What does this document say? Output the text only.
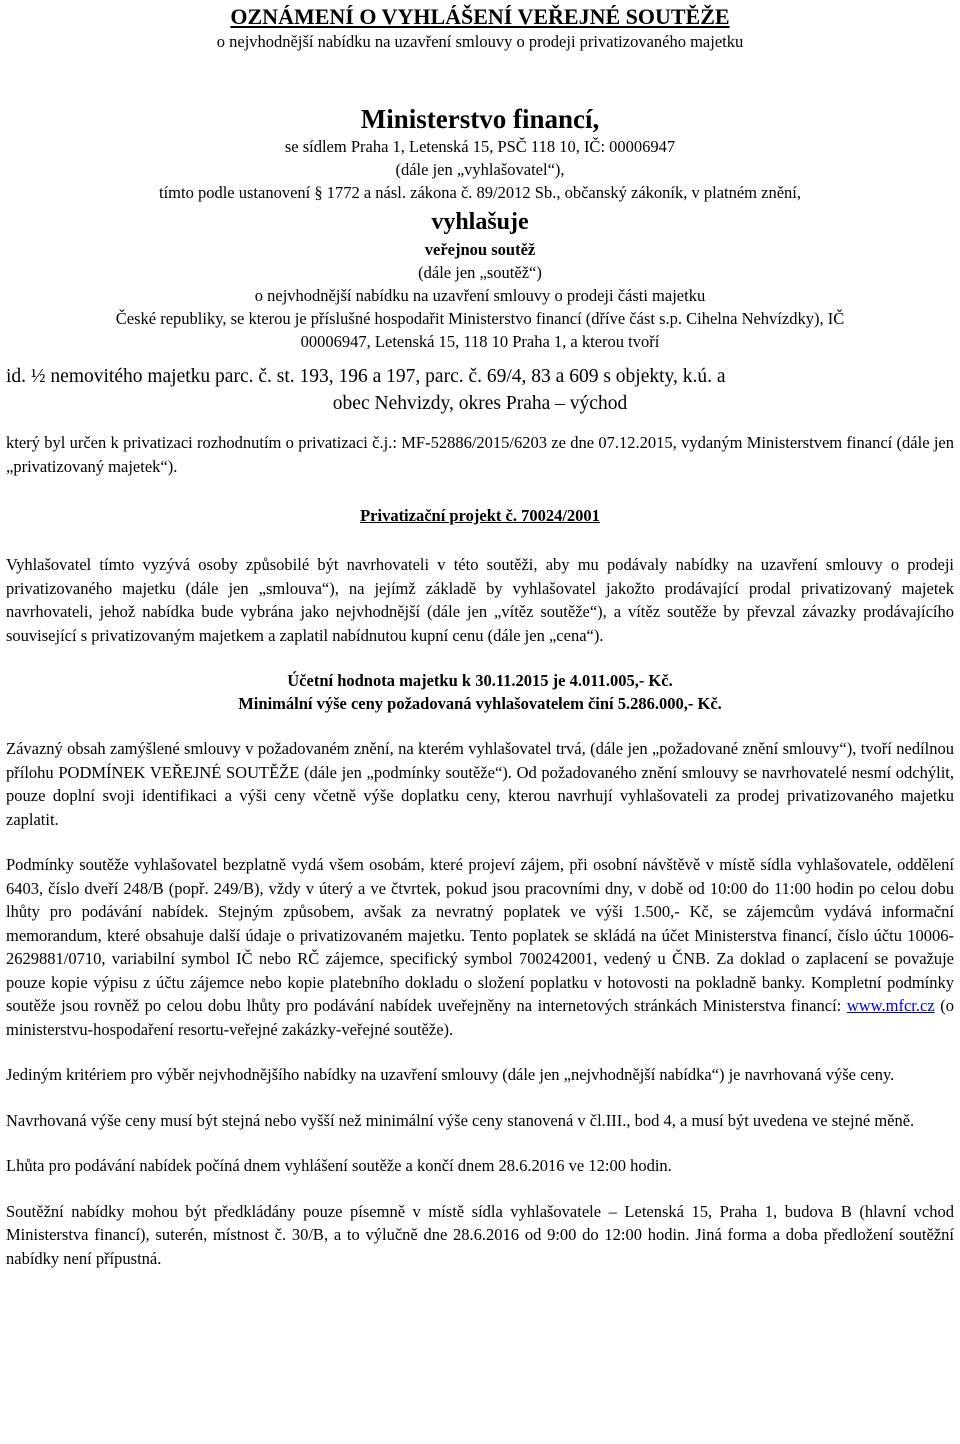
OZNÁMENÍ O VYHLÁŠENÍ VEŘEJNÉ SOUTĚŽE
o nejvhodnější nabídku na uzavření smlouvy o prodeji privatizovaného majetku
Ministerstvo financí,
se sídlem Praha 1, Letenská 15, PSČ 118 10, IČ: 00006947
(dále jen „vyhlašovatel“),
tímto podle ustanovení § 1772 a násl. zákona č. 89/2012 Sb., občanský zákoník, v platném znění,
vyhlašuje
veřejnou soutěž
(dále jen „soutěž“)
o nejvhodnější nabídku na uzavření smlouvy o prodeji části majetku
České republiky, se kterou je příslušné hospodařit Ministerstvo financí (dříve část s.p. Cihelna Nehvízdky), IČ
00006947, Letenská 15, 118 10 Praha 1, a kterou tvoří
id. ½ nemovitého majetku parc. č. st. 193, 196 a 197, parc. č. 69/4, 83 a 609 s objekty, k.ú. a
obec Nehvizdy, okres Praha – východ
který byl určen k privatizaci rozhodnutím o privatizaci č.j.: MF-52886/2015/6203 ze dne 07.12.2015, vydaným Ministerstvem financí (dále jen „privatizovaný majetek“).
Privatizační projekt č. 70024/2001
Vyhlašovatel tímto vyzývá osoby způsobilé být navrhovateli v této soutěži, aby mu podávaly nabídky na uzavření smlouvy o prodeji privatizovaného majetku (dále jen „smlouva“), na jejímž základě by vyhlašovatel jakožto prodávající prodal privatizovaný majetek navrhovateli, jehož nabídka bude vybrána jako nejvhodnější (dále jen „vítěz soutěže“), a vítěz soutěže by převzal závazky prodávajícího související s privatizovaným majetkem a zaplatil nabídnutou kupní cenu (dále jen „cena“).
Účetní hodnota majetku k 30.11.2015 je 4.011.005,- Kč.
Minimální výše ceny požadovaná vyhlašovatelem činí 5.286.000,- Kč.
Závazný obsah zamýšlené smlouvy v požadovaném znění, na kterém vyhlašovatel trvá, (dále jen „požadované znění smlouvy“), tvoří nedílnou přílohu PODMÍNEK VEŘEJNÉ SOUTĚŽE (dále jen „podmínky soutěže“). Od požadovaného znění smlouvy se navrhovatelé nesmí odchýlit, pouze doplní svoji identifikaci a výši ceny včetně výše doplatku ceny, kterou navrhují vyhlašovateli za prodej privatizovaného majetku zaplatit.
Podmínky soutěže vyhlašovatel bezplatně vydá všem osobám, které projeví zájem, při osobní návštěvě v místě sídla vyhlašovatele, oddělení 6403, číslo dveří 248/B (popř. 249/B), vždy v úterý a ve čtvrtek, pokud jsou pracovními dny, v době od 10:00 do 11:00 hodin po celou dobu lhůty pro podávání nabídek. Stejným způsobem, avšak za nevratný poplatek ve výši 1.500,- Kč, se zájemcům vydává informační memorandum, které obsahuje další údaje o privatizovaném majetku. Tento poplatek se skládá na účet Ministerstva financí, číslo účtu 10006-2629881/0710, variabilní symbol IČ nebo RČ zájemce, specifický symbol 700242001, vedený u ČNB. Za doklad o zaplacení se považuje pouze kopie výpisu z účtu zájemce nebo kopie platebního dokladu o složení poplatku v hotovosti na pokladně banky. Kompletní podmínky soutěže jsou rovněž po celou dobu lhůty pro podávání nabídek uveřejněny na internetových stránkách Ministerstva financí: www.mfcr.cz (o ministerstvu-hospodaření resortu-veřejné zakázky-veřejné soutěže).
Jediným kritériem pro výběr nejvhodnějšího nabídky na uzavření smlouvy (dále jen „nejvhodnější nabídka“) je navrhovaná výše ceny.
Navrhovaná výše ceny musí být stejná nebo vyšší než minimální výše ceny stanovená v čl.III., bod 4, a musí být uvedena ve stejné měně.
Lhůta pro podávání nabídek počíná dnem vyhlášení soutěže a končí dnem 28.6.2016 ve 12:00 hodin.
Soutěžní nabídky mohou být předkládány pouze písemně v místě sídla vyhlašovatele – Letenská 15, Praha 1, budova B (hlavní vchod Ministerstva financí), suterén, místnost č. 30/B, a to výlučně dne 28.6.2016 od 9:00 do 12:00 hodin. Jiná forma a doba předložení soutěžní nabídky není přípustná.
